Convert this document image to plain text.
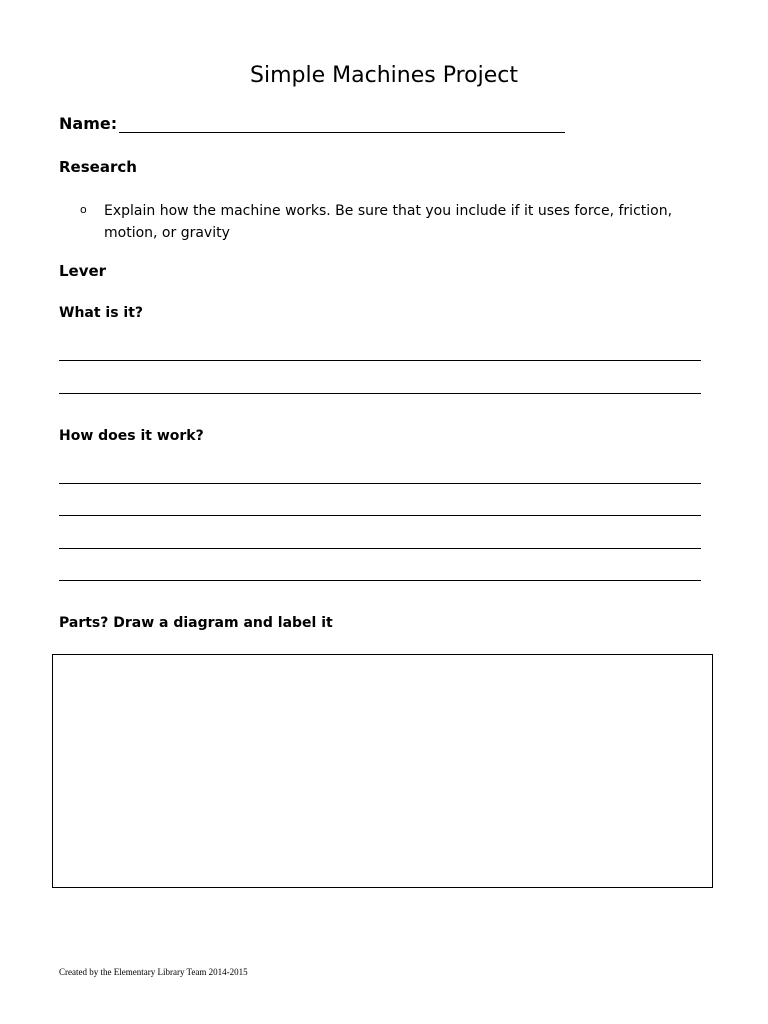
Simple Machines Project
Name:
Research
o Explain how the machine works. Be sure that you include if it uses force, friction, motion, or gravity
Lever
What is it?
How does it work?
Parts? Draw a diagram and label it
Created by the Elementary Library Team 2014-2015
